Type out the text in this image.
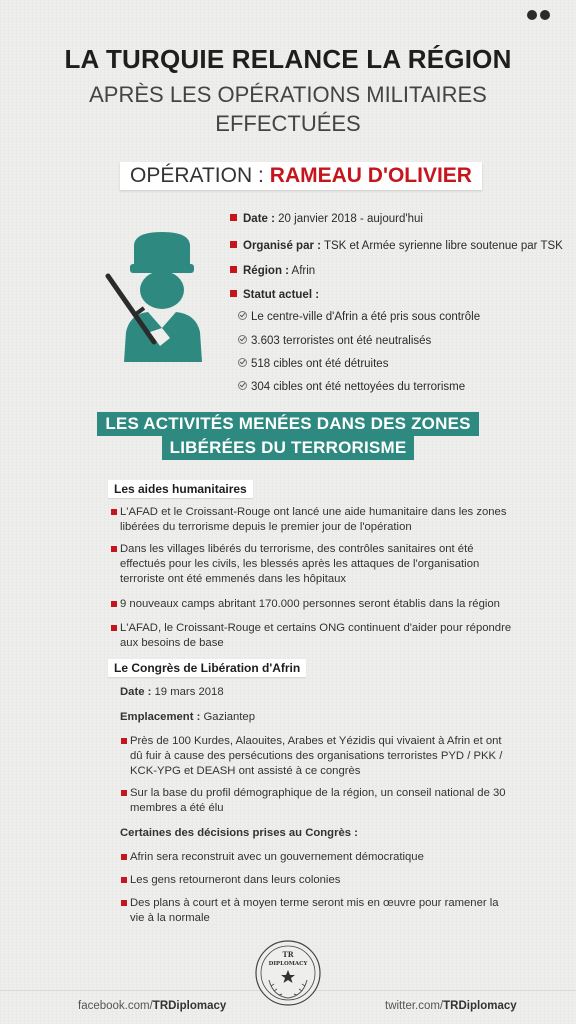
LA TURQUIE RELANCE LA RÉGION
APRÈS LES OPÉRATIONS MILITAIRES EFFECTUÉES
OPÉRATION : RAMEAU D'OLIVIER
Date : 20 janvier 2018 - aujourd'hui
Organisé par : TSK et Armée syrienne libre soutenue par TSK
Région : Afrin
Statut actuel :
Le centre-ville d'Afrin a été pris sous contrôle
3.603 terroristes ont été neutralisés
518 cibles ont été détruites
304 cibles ont été nettoyées du terrorisme
LES ACTIVITÉS MENÉES DANS DES ZONES
LIBÉRÉES DU TERRORISME
Les aides humanitaires
L'AFAD et le Croissant-Rouge ont lancé une aide humanitaire dans les zones libérées du terrorisme depuis le premier jour de l'opération
Dans les villages libérés du terrorisme, des contrôles sanitaires ont été effectués pour les civils, les blessés après les attaques de l'organisation terroriste ont été emmenés dans les hôpitaux
9 nouveaux camps abritant 170.000 personnes seront établis dans la région
L'AFAD, le Croissant-Rouge et certains ONG continuent d'aider pour répondre aux besoins de base
Le Congrès de Libération d'Afrin
Date : 19 mars 2018
Emplacement : Gaziantep
Près de 100 Kurdes, Alaouites, Arabes et Yézidis qui vivaient à Afrin et ont dû fuir à cause des persécutions des organisations terroristes PYD / PKK / KCK-YPG et DEASH ont assisté à ce congrès
Sur la base du profil démographique de la région, un conseil national de 30 membres a été élu
Certaines des décisions prises au Congrès :
Afrin sera reconstruit avec un gouvernement démocratique
Les gens retourneront dans leurs colonies
Des plans à court et à moyen terme seront mis en œuvre pour ramener la vie à la normale
TR
DIPLOMACY
facebook.com/TRDiplomacy	twitter.com/TRDiplomacy
